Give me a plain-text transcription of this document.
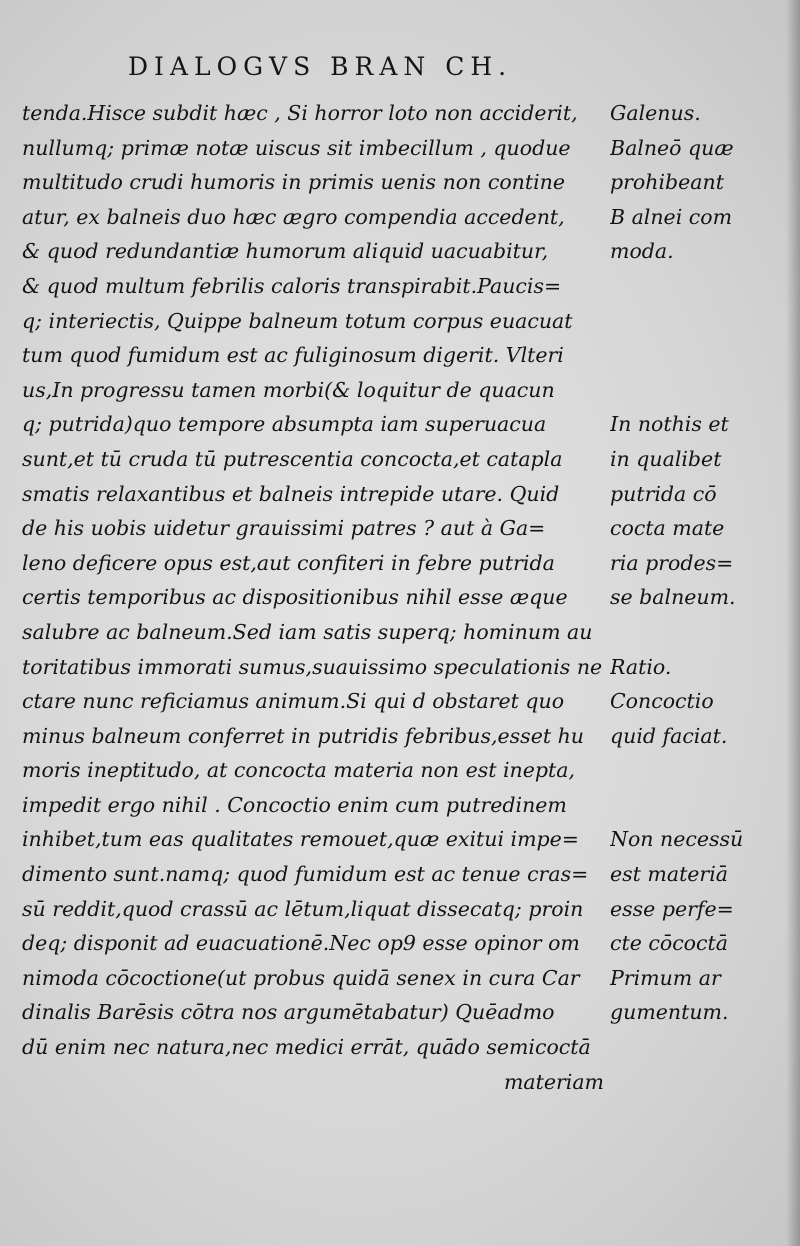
DIALOGVS BRAN CH.
tenda.Hisce subdit hæc , Si horror loto non acciderit,
nullumq; primæ notæ uiscus sit imbecillum , quodue
multitudo crudi humoris in primis uenis non contine
atur, ex balneis duo hæc ægro compendia accedent,
& quod redundantiæ humorum aliquid uacuabitur,
& quod multum febrilis caloris transpirabit.Paucis=
q; interiectis, Quippe balneum totum corpus euacuat
tum quod fumidum est ac fuliginosum digerit. Vlteri
us,In progressu tamen morbi(& loquitur de quacun
q; putrida)quo tempore absumpta iam superuacua
sunt,et tū cruda tū putrescentia concocta,et catapla
smatis relaxantibus et balneis intrepide utare. Quid
de his uobis uidetur grauissimi patres ? aut à Ga=
leno deficere opus est,aut confiteri in febre putrida
certis temporibus ac dispositionibus nihil esse æque
salubre ac balneum.Sed iam satis superq; hominum au
toritatibus immorati sumus,suauissimo speculationis ne
ctare nunc reficiamus animum.Si qui d obstaret quo
minus balneum conferret in putridis febribus,esset hu
moris ineptitudo, at concocta materia non est inepta,
impedit ergo nihil . Concoctio enim cum putredinem
inhibet,tum eas qualitates remouet,quæ exitui impe=
dimento sunt.namq; quod fumidum est ac tenue cras=
sū reddit,quod crassū ac lētum,liquat dissecatq; proin
deq; disponit ad euacuationē.Nec op9 esse opinor om
nimoda cōcoctione(ut probus quidā senex in cura Car
dinalis Barēsis cōtra nos argumētabatur) Quēadmo
dū enim nec natura,nec medici errāt, quādo semicoctā
materiam
Galenus.
Balneō quæ
prohibeant
B alnei com
moda.
In nothis et
in qualibet
putrida cō
cocta mate
ria prodes=
se balneum.
Ratio.
Concoctio
quid faciat.
Non necessū
est materiā
esse perfe=
cte cōcoctā
Primum ar
gumentum.
